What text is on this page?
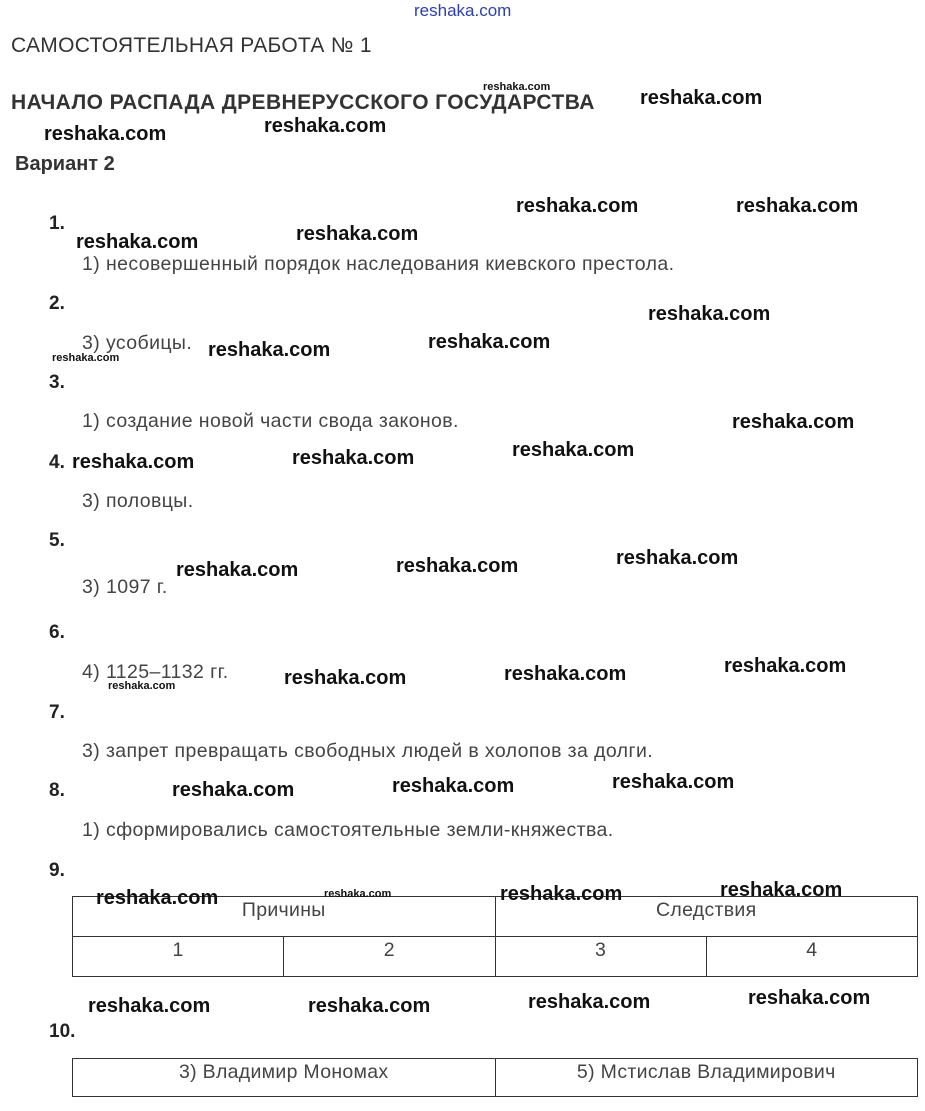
reshaka.com
САМОСТОЯТЕЛЬНАЯ РАБОТА № 1
НАЧАЛО РАСПАДА ДРЕВНЕРУССКОГО ГОСУДАРСТВА
Вариант 2
1.
2.
3.
4.
5.
6.
7.
8.
9.
10.
1) несовершенный порядок наследования киевского престола.
3) усобицы.
1) создание новой части свода законов.
3) половцы.
3) 1097 г.
4) 1125–1132 гг.
3) запрет превращать свободных людей в холопов за долги.
1) сформировались самостоятельные земли-княжества.
Причины		Следствия	
1	2	3	4
3) Владимир Мономах	5) Мстислав Владимирович
reshaka.com	reshaka.com
reshaka.com	reshaka.com
reshaka.com	reshaka.com
reshaka.com	reshaka.com
reshaka.com
reshaka.com	reshaka.com	reshaka.com
reshaka.com
reshaka.com	reshaka.com	reshaka.com
reshaka.com	reshaka.com	reshaka.com
reshaka.com	reshaka.com	reshaka.com	reshaka.com
reshaka.com	reshaka.com	reshaka.com
reshaka.com	reshaka.com	reshaka.com	reshaka.com
reshaka.com	reshaka.com	reshaka.com	reshaka.com
